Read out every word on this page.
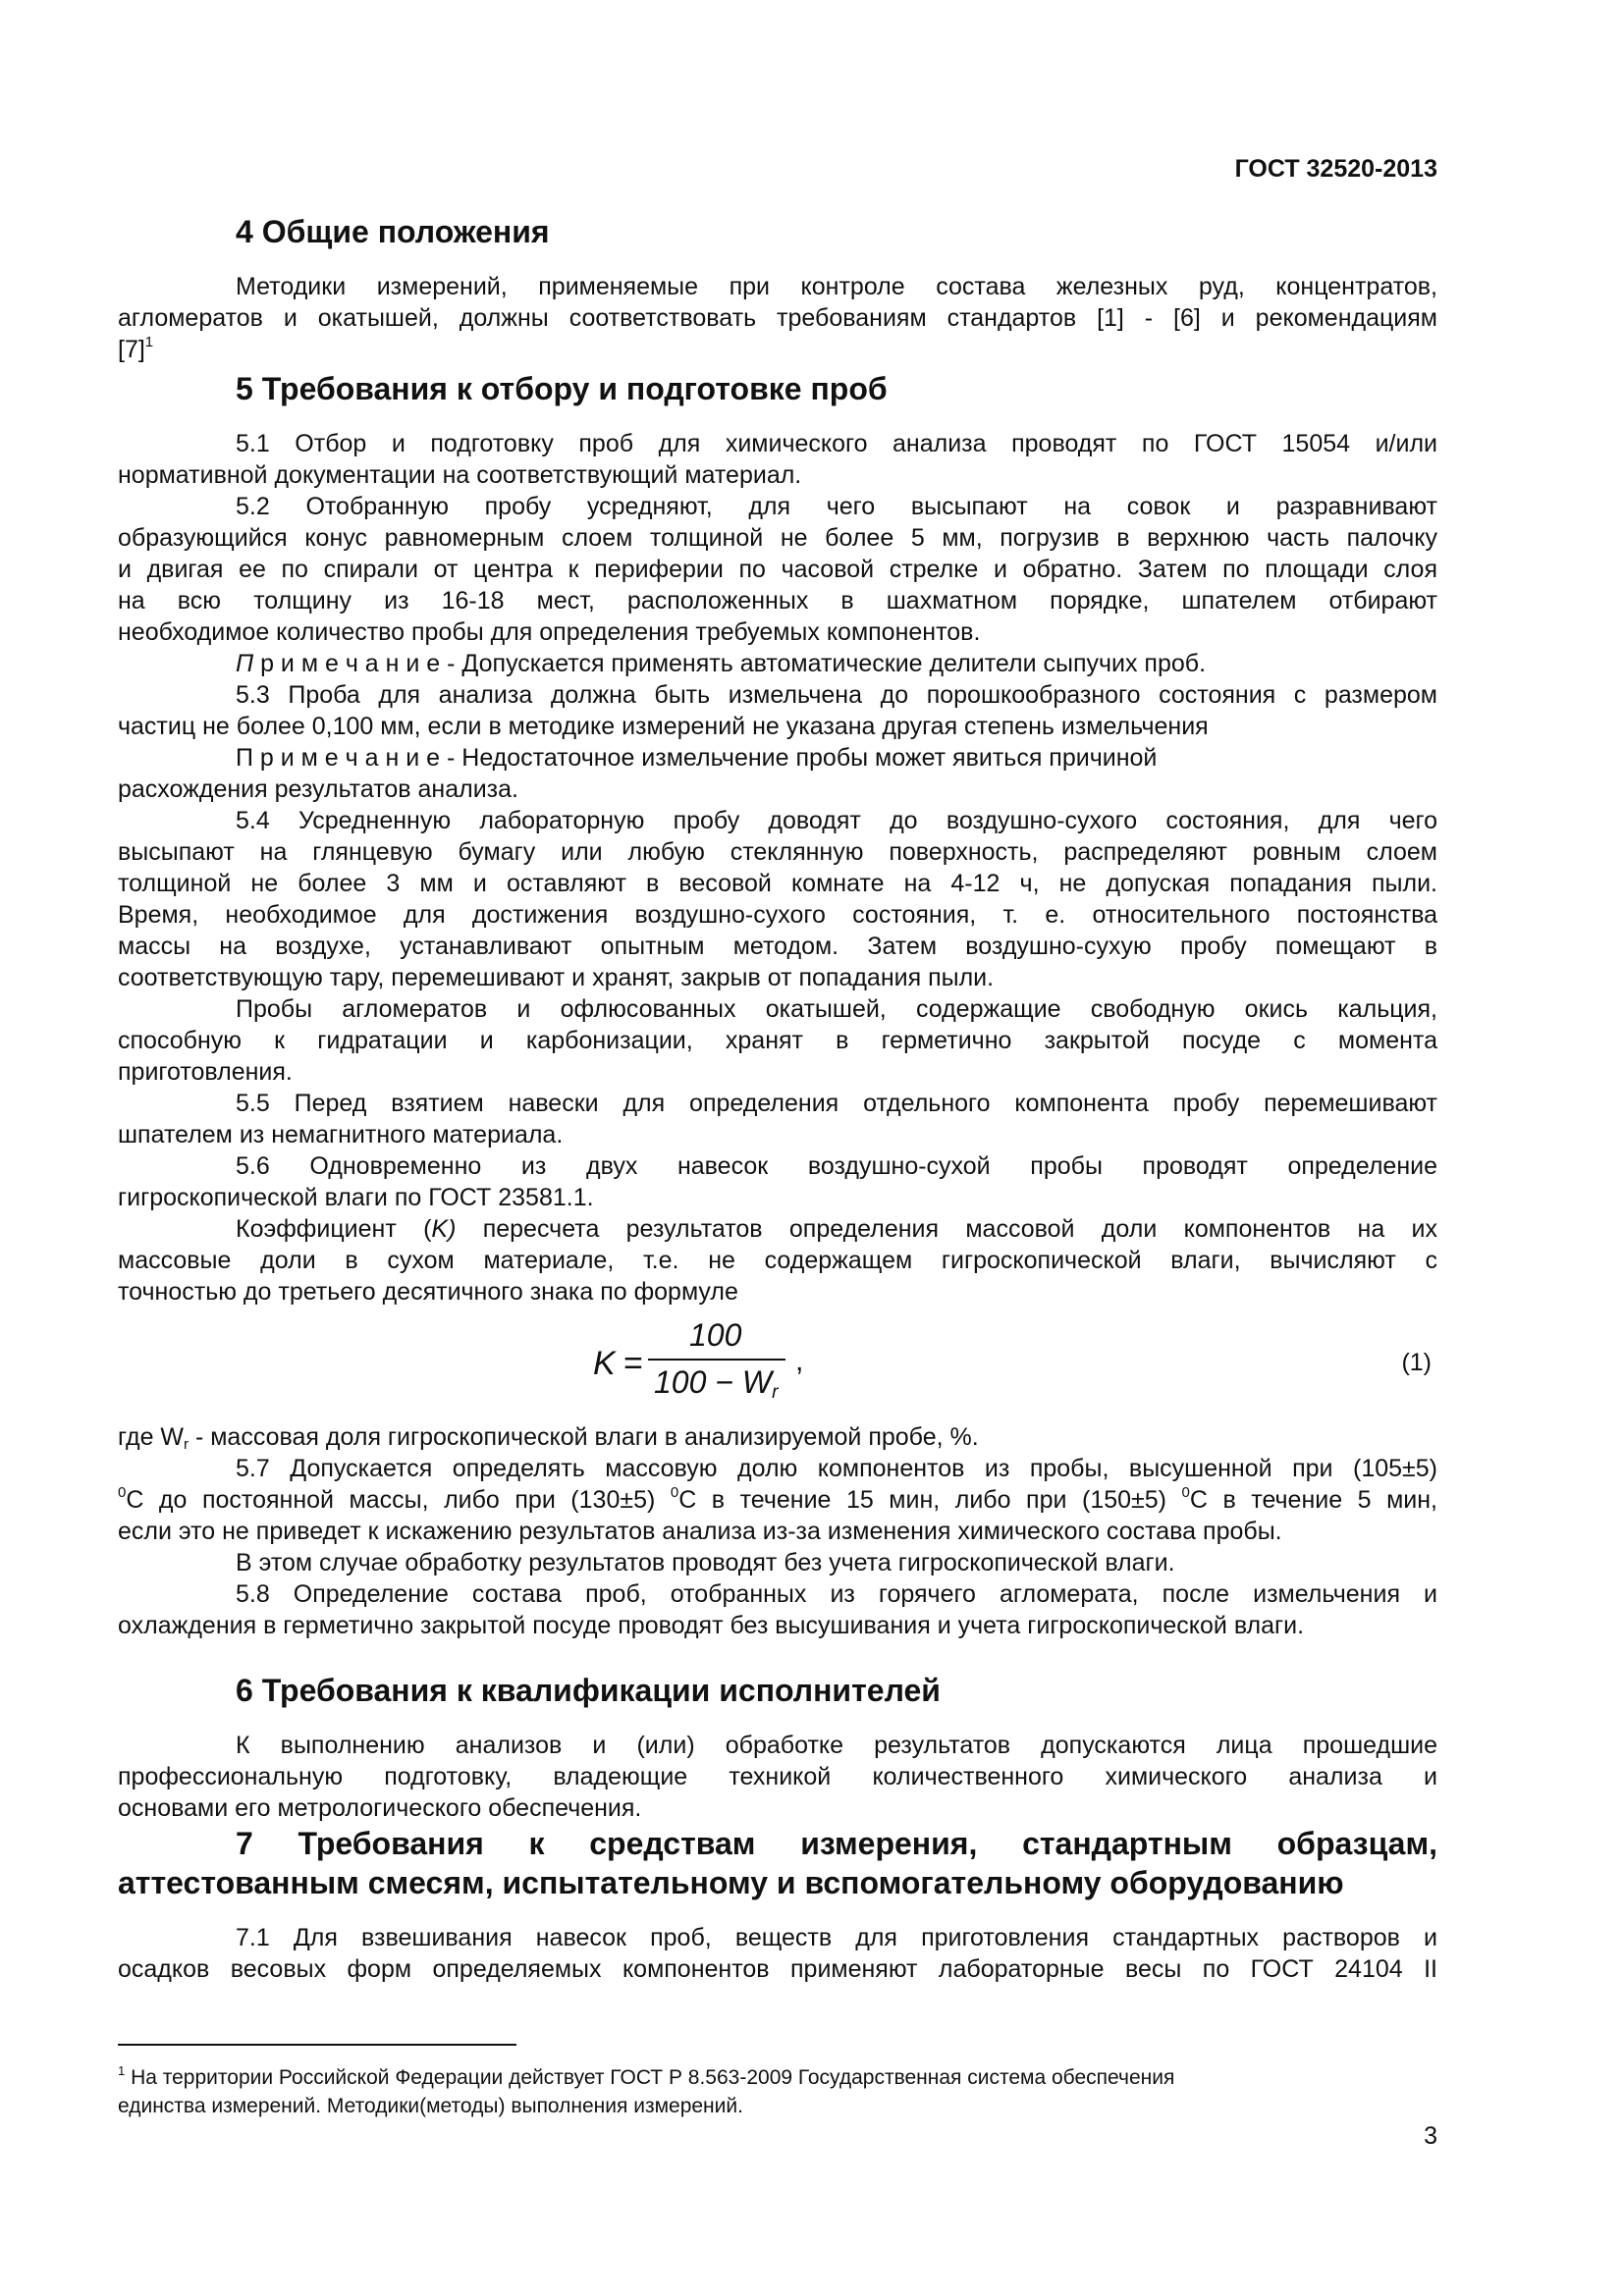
ГОСТ 32520-2013
4 Общие положения
Методики измерений, применяемые при контроле состава железных руд, концентратов,
агломератов и окатышей, должны соответствовать требованиям стандартов [1] - [6] и рекомендациям
$[7]^1$
5 Требования к отбору и подготовке проб
5.1 Отбор и подготовку проб для химического анализа проводят по ГОСТ 15054 и/или
нормативной документации на соответствующий материал.
5.2 Отобранную пробу усредняют, для чего высыпают на совок и разравнивают
образующийся конус равномерным слоем толщиной не более 5 мм, погрузив в верхнюю часть палочку
и двигая ее по спирали от центра к периферии по часовой стрелке и обратно. Затем по площади слоя
на всю толщину из 16-18 мест, расположенных в шахматном порядке, шпателем отбирают
необходимое количество пробы для определения требуемых компонентов.
П р и м е ч а н и е - Допускается применять автоматические делители сыпучих проб.
5.3 Проба для анализа должна быть измельчена до порошкообразного состояния с размером
частиц не более 0,100 мм, если в методике измерений не указана другая степень измельчения
П р и м е ч а н и е - Недостаточное измельчение пробы может явиться причиной
расхождения результатов анализа.
5.4 Усредненную лабораторную пробу доводят до воздушно-сухого состояния, для чего
высыпают на глянцевую бумагу или любую стеклянную поверхность, распределяют ровным слоем
толщиной не более 3 мм и оставляют в весовой комнате на 4-12 ч, не допуская попадания пыли.
Время, необходимое для достижения воздушно-сухого состояния, т. е. относительного постоянства
массы на воздухе, устанавливают опытным методом. Затем воздушно-сухую пробу помещают в
соответствующую тару, перемешивают и хранят, закрыв от попадания пыли.
Пробы агломератов и офлюсованных окатышей, содержащие свободную окись кальция,
способную к гидратации и карбонизации, хранят в герметично закрытой посуде с момента
приготовления.
5.5 Перед взятием навески для определения отдельного компонента пробу перемешивают
шпателем из немагнитного материала.
5.6 Одновременно из двух навесок воздушно-сухой пробы проводят определение
гигроскопической влаги по ГОСТ 23581.1.
Коэффициент (K) пересчета результатов определения массовой доли компонентов на их
массовые доли в сухом материале, т.е. не содержащем гигроскопической влаги, вычисляют с
точностью до третьего десятичного знака по формуле
K =
100
$100 - W_r$
,	(1)
где $W_r$ - массовая доля гигроскопической влаги в анализируемой пробе, %.
5.7 Допускается определять массовую долю компонентов из пробы, высушенной при (105±5)
$^0$C до постоянной массы, либо при (130±5) $^0$C в течение 15 мин, либо при (150±5) $^0$C в течение 5 мин,
если это не приведет к искажению результатов анализа из-за изменения химического состава пробы.
В этом случае обработку результатов проводят без учета гигроскопической влаги.
5.8 Определение состава проб, отобранных из горячего агломерата, после измельчения и
охлаждения в герметично закрытой посуде проводят без высушивания и учета гигроскопической влаги.
6 Требования к квалификации исполнителей
К выполнению анализов и (или) обработке результатов допускаются лица прошедшие
профессиональную подготовку, владеющие техникой количественного химического анализа и
основами его метрологического обеспечения.
7 Требования к средствам измерения, стандартным образцам,
аттестованным смесям, испытательному и вспомогательному оборудованию
7.1 Для взвешивания навесок проб, веществ для приготовления стандартных растворов и
осадков весовых форм определяемых компонентов применяют лабораторные весы по ГОСТ 24104 II
$^1$ На территории Российской Федерации действует ГОСТ Р 8.563-2009 Государственная система обеспечения
единства измерений. Методики(методы) выполнения измерений.
3
